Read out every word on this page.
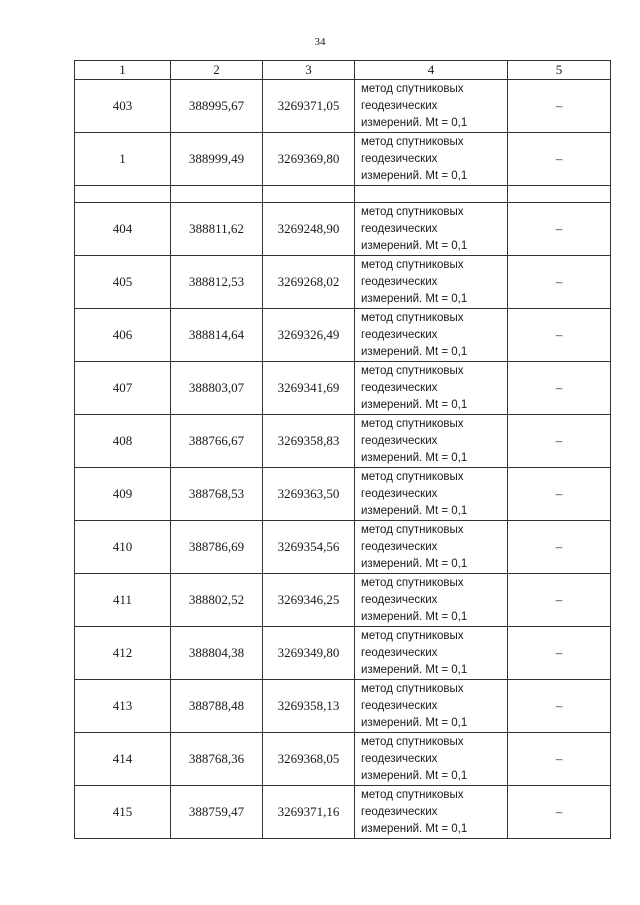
34
1	2	3	4	5
403	388995,67	3269371,05	метод спутниковых
геодезических
измерений. Mt = 0,1	–
1	388999,49	3269369,80	метод спутниковых
геодезических
измерений. Mt = 0,1	–

404	388811,62	3269248,90	метод спутниковых
геодезических
измерений. Mt = 0,1	–
405	388812,53	3269268,02	метод спутниковых
геодезических
измерений. Mt = 0,1	–
406	388814,64	3269326,49	метод спутниковых
геодезических
измерений. Mt = 0,1	–
407	388803,07	3269341,69	метод спутниковых
геодезических
измерений. Mt = 0,1	–
408	388766,67	3269358,83	метод спутниковых
геодезических
измерений. Mt = 0,1	–
409	388768,53	3269363,50	метод спутниковых
геодезических
измерений. Mt = 0,1	–
410	388786,69	3269354,56	метод спутниковых
геодезических
измерений. Mt = 0,1	–
411	388802,52	3269346,25	метод спутниковых
геодезических
измерений. Mt = 0,1	–
412	388804,38	3269349,80	метод спутниковых
геодезических
измерений. Mt = 0,1	–
413	388788,48	3269358,13	метод спутниковых
геодезических
измерений. Mt = 0,1	–
414	388768,36	3269368,05	метод спутниковых
геодезических
измерений. Mt = 0,1	–
415	388759,47	3269371,16	метод спутниковых
геодезических
измерений. Mt = 0,1	–
